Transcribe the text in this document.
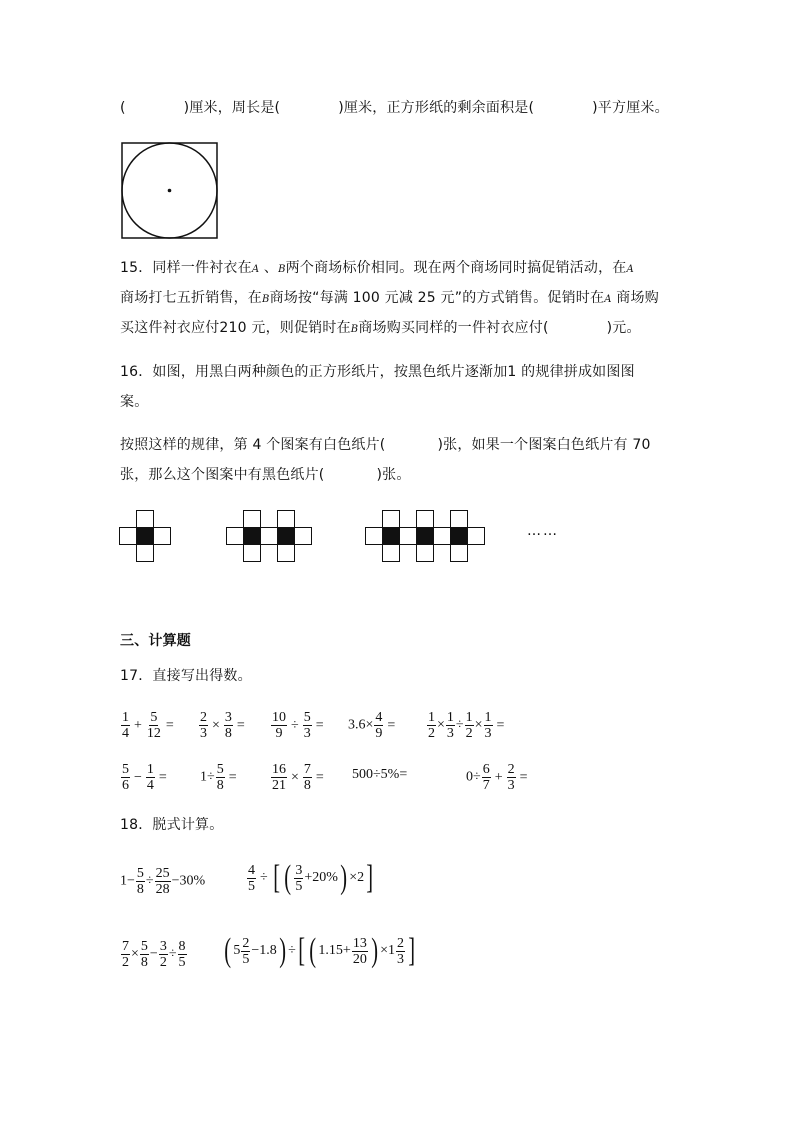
(	)厘米，周长是(	)厘米，正方形纸的剩余面积是(	)平方厘米。
15．同样一件衬衣在A 、B两个商场标价相同。现在两个商场同时搞促销活动，在A
商场打七五折销售，在B商场按“每满 100 元减 25 元”的方式销售。促销时在A 商场购
买这件衬衣应付210 元，则促销时在B商场购买同样的一件衬衣应付(	)元。
16．如图，用黑白两种颜色的正方形纸片，按黑色纸片逐渐加1 的规律拼成如图图
案。
按照这样的规律，第 4 个图案有白色纸片(	)张，如果一个图案白色纸片有 70
张，那么这个图案中有黑色纸片(	)张。
……
三、计算题
17．直接写出得数。
$\frac{1}{4} + \frac{5}{12} = \frac{2}{3} \times \frac{3}{8} = \frac{10}{9} \div \frac{5}{3} = 3.6\times \frac{4}{9} = \frac{1}{2} \times \frac{1}{3} \div \frac{1}{2} \times \frac{1}{3}$ =
$\frac{5}{6} - \frac{1}{4} = 1\div \frac{5}{8} = \frac{16}{21} \times \frac{7}{8} = 500\div 5\%=$	$0\div \frac{6}{7} + \frac{2}{3}$ =
18．脱式计算。
$1- \frac{5}{8} \div \frac{25}{28} -30\%$	$\frac{4}{5}$ ÷ [ ( $\frac{3}{5} +20\%) \times 2$]
$\frac{7}{2} \times \frac{5}{8} - \frac{3}{2} \div \frac{8}{5}$ ( $5 \frac{2}{5} -1.8$) ÷[ ( $1.15+ \frac{13}{20}$ ) $\times 1 \frac{2}{3}$ ]
